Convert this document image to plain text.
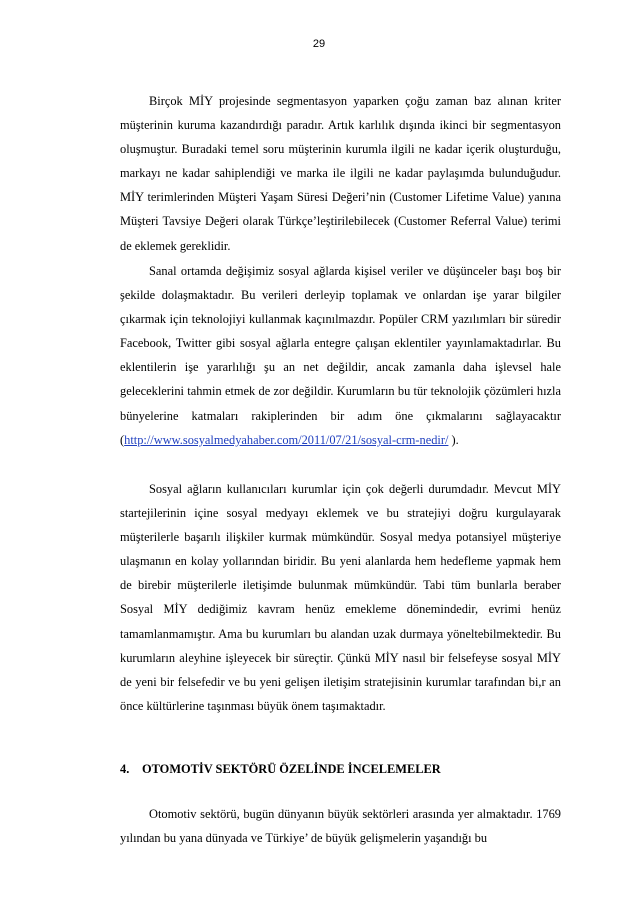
29

Birçok MİY projesinde segmentasyon yaparken çoğu zaman baz alınan kriter müşterinin kuruma kazandırdığı paradır. Artık karlılık dışında ikinci bir segmentasyon oluşmuştur. Buradaki temel soru müşterinin kurumla ilgili ne kadar içerik oluşturduğu, markayı ne kadar sahiplendiği ve marka ile ilgili ne kadar paylaşımda bulunduğudur. MİY terimlerinden Müşteri Yaşam Süresi Değeri’nin (Customer Lifetime Value) yanına Müşteri Tavsiye Değeri olarak Türkçe’leştirilebilecek (Customer Referral Value) terimi de eklemek gereklidir.

Sanal ortamda değişimiz sosyal ağlarda kişisel veriler ve düşünceler başı boş bir şekilde dolaşmaktadır. Bu verileri derleyip toplamak ve onlardan işe yarar bilgiler çıkarmak için teknolojiyi kullanmak kaçınılmazdır. Popüler CRM yazılımları bir süredir Facebook, Twitter gibi sosyal ağlarla entegre çalışan eklentiler yayınlamaktadırlar. Bu eklentilerin işe yararlılığı şu an net değildir, ancak zamanla daha işlevsel hale geleceklerini tahmin etmek de zor değildir. Kurumların bu tür teknolojik çözümleri hızla bünyelerine katmaları rakiplerinden bir adım öne çıkmalarını sağlayacaktır (http://www.sosyalmedyahaber.com/2011/07/21/sosyal-crm-nedir/ ).

Sosyal ağların kullanıcıları kurumlar için çok değerli durumdadır. Mevcut MİY startejilerinin içine sosyal medyayı eklemek ve bu stratejiyi doğru kurgulayarak müşterilerle başarılı ilişkiler kurmak mümkündür. Sosyal medya potansiyel müşteriye ulaşmanın en kolay yollarından biridir. Bu yeni alanlarda hem hedefleme yapmak hem de birebir müşterilerle iletişimde bulunmak mümkündür. Tabi tüm bunlarla beraber Sosyal MİY dediğimiz kavram henüz emekleme dönemindedir, evrimi henüz tamamlanmamıştır. Ama bu kurumları bu alandan uzak durmaya yöneltebilmektedir. Bu kurumların aleyhine işleyecek bir süreçtir. Çünkü MİY nasıl bir felsefeyse sosyal MİY de yeni bir felsefedir ve bu yeni gelişen iletişim stratejisinin kurumlar tarafından bi,r an önce kültürlerine taşınması büyük önem taşımaktadır.

4. OTOMOTİV SEKTÖRÜ ÖZELİNDE İNCELEMELER

Otomotiv sektörü, bugün dünyanın büyük sektörleri arasında yer almaktadır. 1769 yılından bu yana dünyada ve Türkiye’ de büyük gelişmelerin yaşandığı bu
